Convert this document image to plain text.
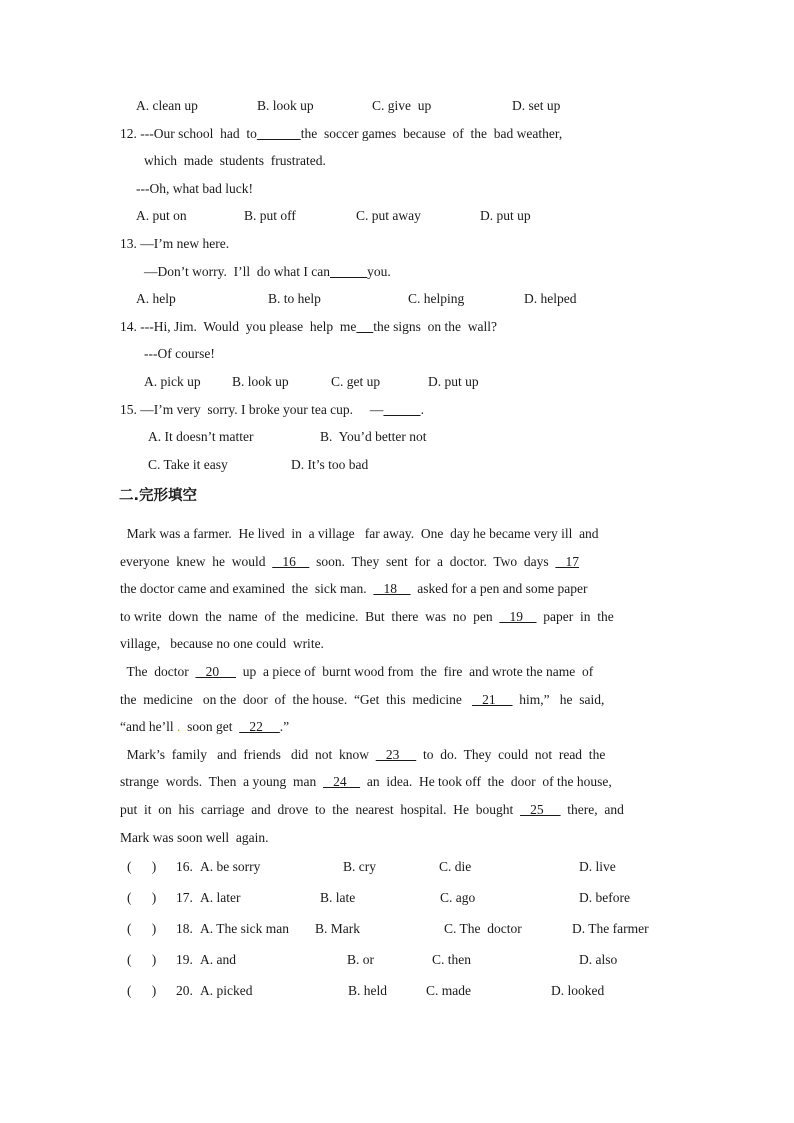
A. clean up	B. look up	C. give  up	D. set up
12. ---Our school  had  to	the  soccer games  because  of  the  bad weather,
which  made  students  frustrated.
---Oh, what bad luck!
A. put on	B. put off	C. put away	D. put up
13. —I’m new here.
—Don’t worry.  I’ll  do what I can	you.
A. help	B. to help	C. helping	D. helped
14. ---Hi, Jim.  Would  you please  help  me the signs  on the  wall?
---Of course!
A. pick up B. look up	C. get up	D. put up
15. —I’m very  sorry. I broke your tea cup.     —	.
A. It doesn’t matter	B.  You’d better not
C. Take it easy	D. It’s too bad
二.完形填空
Mark was a farmer.  He lived  in  a village   far away.  One  day he became very ill  and
everyone  knew  he  would     16      soon.  They  sent  for  a  doctor.  Two  days     17
the doctor came and examined  the  sick man.     18      asked for a pen and some paper
to write  down  the  name  of  the  medicine.  But  there  was  no  pen     19      paper  in  the
village,   because no one could  write.
The  doctor     20       up  a piece of  burnt wood from  the  fire  and wrote the name  of
the  medicine   on the  door  of  the house.  “Get  this  medicine      21       him,”   he  said,
“and he’ll .  soon get     22     .”
Mark’s  family   and  friends   did  not  know     23       to  do.  They  could  not  read  the
strange  words.  Then  a young  man     24      an  idea.  He took off  the  door  of the house,
put  it  on  his  carriage  and  drove  to  the  nearest  hospital.  He  bought     25       there,  and
Mark was soon well  again.
(      ) 16. A. be sorry	B. cry	C. die	D. live
(      ) 17. A. later	B. late	C. ago	D. before
(      ) 18. A. The sick man B. Mark	C. The  doctor	D. The farmer
(      ) 19. A. and	B. or	C. then	D. also
(      ) 20. A. picked	B. held	C. made	D. looked
